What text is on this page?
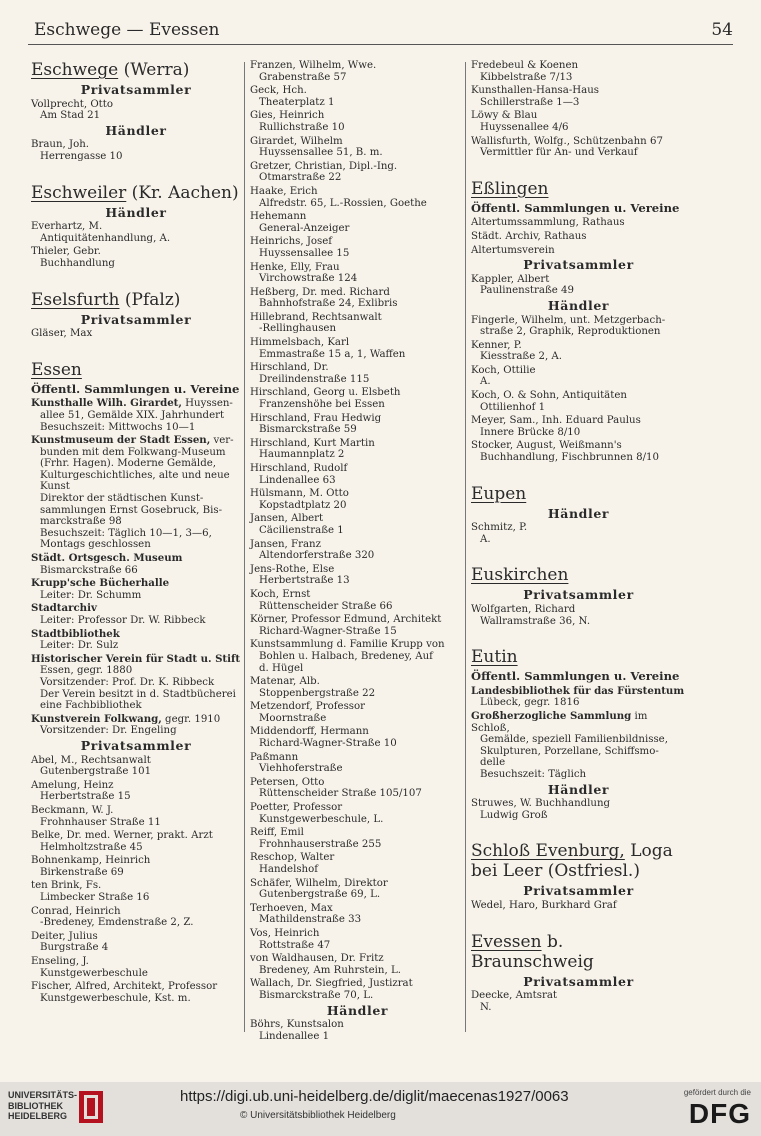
Eschwege — Evessen	54
Eschwege (Werra)
Privatsammler
Vollprecht, Otto
Am Stad 21
Händler
Braun, Joh.
Herrengasse 10
Eschweiler (Kr. Aachen)
Händler
Everhartz, M.
Antiquitätenhandlung, A.
Thieler, Gebr.
Buchhandlung
Eselsfurth (Pfalz)
Privatsammler
Gläser, Max
Essen
Öffentl. Sammlungen u. Vereine
Kunsthalle Wilh. Girardet, Huyssen-
allee 51, Gemälde XIX. Jahrhundert
Besuchszeit: Mittwochs 10—1
Kunstmuseum der Stadt Essen, ver-
bunden mit dem Folkwang-Museum
(Frhr. Hagen). Moderne Gemälde,
Kulturgeschichtliches, alte und neue
Kunst
Direktor der städtischen Kunst-
sammlungen Ernst Gosebruck, Bis-
marckstraße 98
Besuchszeit: Täglich 10—1, 3—6,
Montags geschlossen
Städt. Ortsgesch. Museum
Bismarckstraße 66
Krupp'sche Bücherhalle
Leiter: Dr. Schumm
Stadtarchiv
Leiter: Professor Dr. W. Ribbeck
Stadtbibliothek
Leiter: Dr. Sulz
Historischer Verein für Stadt u. Stift
Essen, gegr. 1880
Vorsitzender: Prof. Dr. K. Ribbeck
Der Verein besitzt in d. Stadtbücherei
eine Fachbibliothek
Kunstverein Folkwang, gegr. 1910
Vorsitzender: Dr. Engeling
Privatsammler
Abel, M., Rechtsanwalt
Gutenbergstraße 101
Amelung, Heinz
Herbertstraße 15
Beckmann, W. J.
Frohnhauser Straße 11
Belke, Dr. med. Werner, prakt. Arzt
Helmholtzstraße 45
Bohnenkamp, Heinrich
Birkenstraße 69
ten Brink, Fs.
Limbecker Straße 16
Conrad, Heinrich
-Bredeney, Emdenstraße 2, Z.
Deiter, Julius
Burgstraße 4
Enseling, J.
Kunstgewerbeschule
Fischer, Alfred, Architekt, Professor
Kunstgewerbeschule, Kst. m.
Franzen, Wilhelm, Wwe.
Grabenstraße 57
Geck, Hch.
Theaterplatz 1
Gies, Heinrich
Rullichstraße 10
Girardet, Wilhelm
Huyssensallee 51, B. m.
Gretzer, Christian, Dipl.-Ing.
Otmarstraße 22
Haake, Erich
Alfredstr. 65, L.-Rossien, Goethe
Hehemann
General-Anzeiger
Heinrichs, Josef
Huyssensallee 15
Henke, Elly, Frau
Virchowstraße 124
Heßberg, Dr. med. Richard
Bahnhofstraße 24, Exlibris
Hillebrand, Rechtsanwalt
-Rellinghausen
Himmelsbach, Karl
Emmastraße 15 a, 1, Waffen
Hirschland, Dr.
Dreilindenstraße 115
Hirschland, Georg u. Elsbeth
Franzenshöhe bei Essen
Hirschland, Frau Hedwig
Bismarckstraße 59
Hirschland, Kurt Martin
Haumannplatz 2
Hirschland, Rudolf
Lindenallee 63
Hülsmann, M. Otto
Kopstadtplatz 20
Jansen, Albert
Cäcilienstraße 1
Jansen, Franz
Altendorferstraße 320
Jens-Rothe, Else
Herbertstraße 13
Koch, Ernst
Rüttenscheider Straße 66
Körner, Professor Edmund, Architekt
Richard-Wagner-Straße 15
Kunstsammlung d. Familie Krupp von
Bohlen u. Halbach, Bredeney, Auf
d. Hügel
Matenar, Alb.
Stoppenbergstraße 22
Metzendorf, Professor
Moornstraße
Middendorff, Hermann
Richard-Wagner-Straße 10
Paßmann
Viehhoferstraße
Petersen, Otto
Rüttenscheider Straße 105/107
Poetter, Professor
Kunstgewerbeschule, L.
Reiff, Emil
Frohnhauserstraße 255
Reschop, Walter
Handelshof
Schäfer, Wilhelm, Direktor
Gutenbergstraße 69, L.
Terhoeven, Max
Mathildenstraße 33
Vos, Heinrich
Rottstraße 47
von Waldhausen, Dr. Fritz
Bredeney, Am Ruhrstein, L.
Wallach, Dr. Siegfried, Justizrat
Bismarckstraße 70, L.
Händler
Böhrs, Kunstsalon
Lindenallee 1
Fredebeul & Koenen
Kibbelstraße 7/13
Kunsthallen-Hansa-Haus
Schillerstraße 1—3
Löwy & Blau
Huyssenallee 4/6
Wallisfurth, Wolfg., Schützenbahn 67
Vermittler für An- und Verkauf
Eßlingen
Öffentl. Sammlungen u. Vereine
Altertumssammlung, Rathaus
Städt. Archiv, Rathaus
Altertumsverein
Privatsammler
Kappler, Albert
Paulinenstraße 49
Händler
Fingerle, Wilhelm, unt. Metzgerbach-
straße 2, Graphik, Reproduktionen
Kenner, P.
Kiesstraße 2, A.
Koch, Ottilie
A.
Koch, O. & Sohn, Antiquitäten
Ottilienhof 1
Meyer, Sam., Inh. Eduard Paulus
Innere Brücke 8/10
Stocker, August, Weißmann's
Buchhandlung, Fischbrunnen 8/10
Eupen
Händler
Schmitz, P.
A.
Euskirchen
Privatsammler
Wolfgarten, Richard
Wallramstraße 36, N.
Eutin
Öffentl. Sammlungen u. Vereine
Landesbibliothek für das Fürstentum
Lübeck, gegr. 1816
Großherzogliche Sammlung im Schloß,
Gemälde, speziell Familienbildnisse,
Skulpturen, Porzellane, Schiffsmo-
delle
Besuchszeit: Täglich
Händler
Struwes, W. Buchhandlung
Ludwig Groß
Schloß Evenburg, Loga bei Leer (Ostfriesl.)
Privatsammler
Wedel, Haro, Burkhard Graf
Evessen b. Braunschweig
Privatsammler
Deecke, Amtsrat
N.
UNIVERSITÄTS- BIBLIOTHEK HEIDELBERG
https://digi.ub.uni-heidelberg.de/diglit/maecenas1927/0063
© Universitätsbibliothek Heidelberg
gefördert durch die
DFG
